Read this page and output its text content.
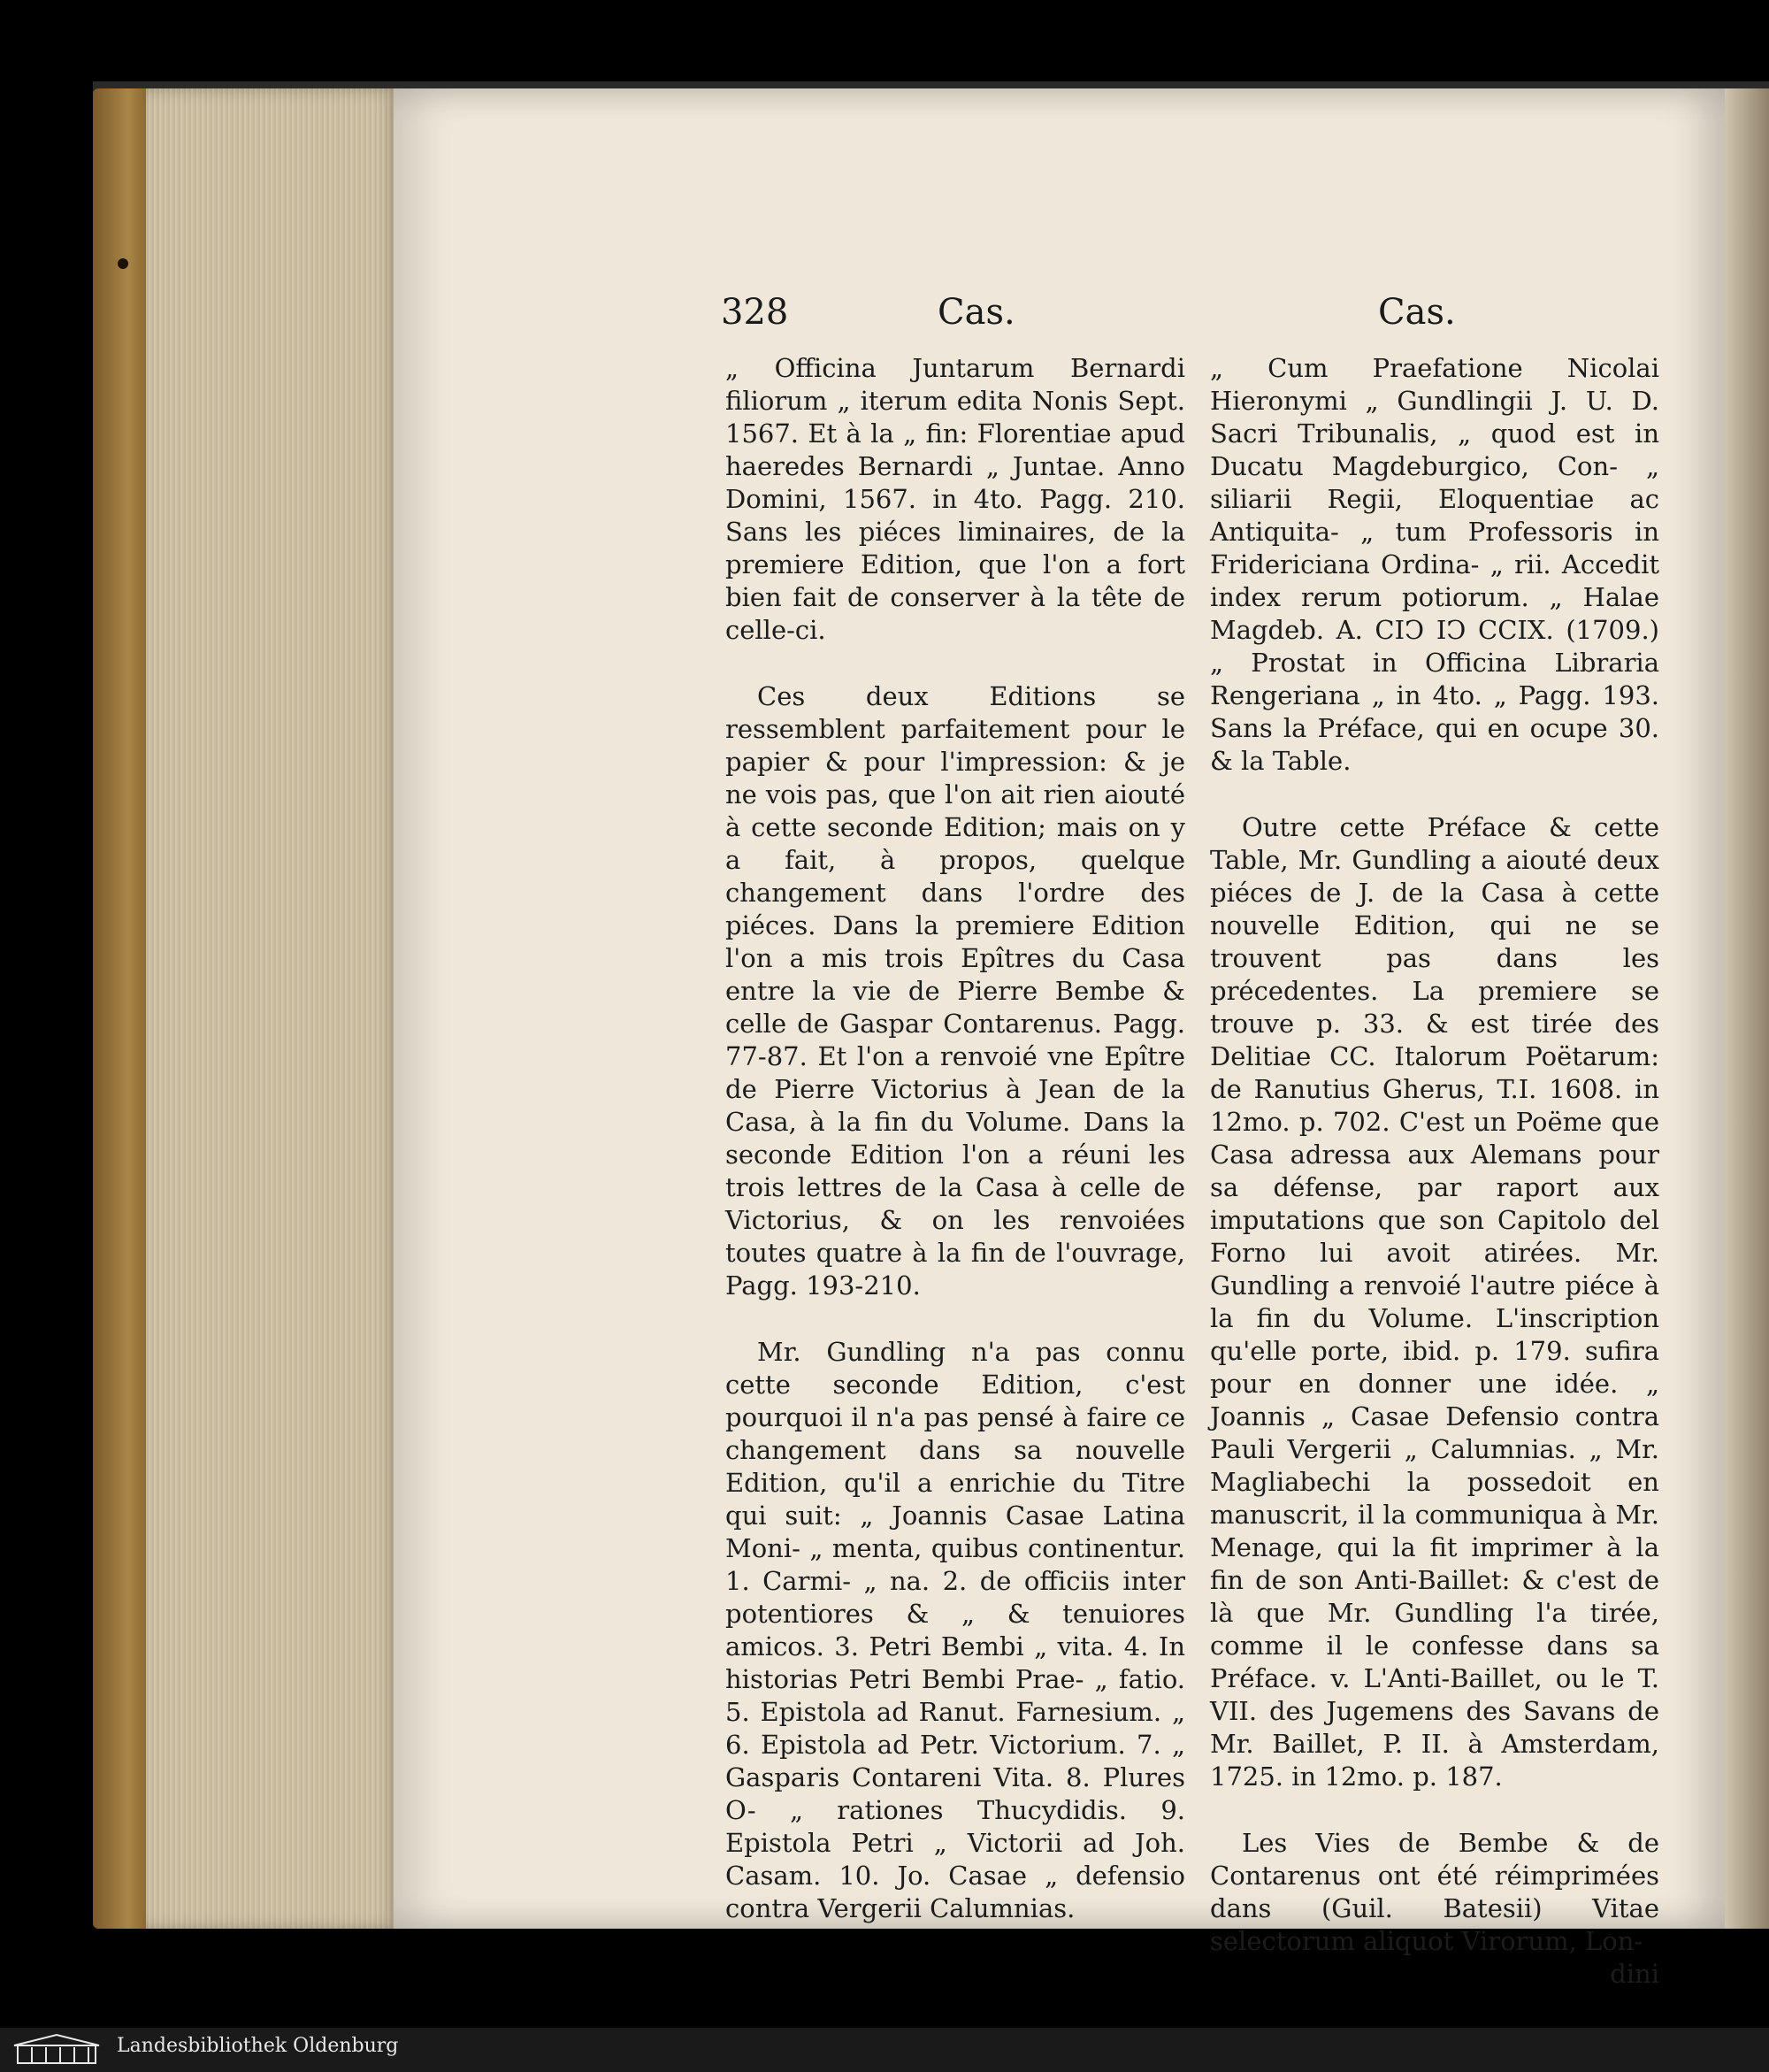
328	Cas.	Cas.

„ Officina Juntarum Bernardi filiorum „ iterum edita Nonis Sept. 1567. Et à la „ fin: Florentiae apud haeredes Bernardi „ Juntae. Anno Domini, 1567. in 4to. Pagg. 210. Sans les piéces liminaires, de la premiere Edition, que l'on a fort bien fait de conserver à la tête de celle-ci.

Ces deux Editions se ressemblent parfaitement pour le papier & pour l'impression: & je ne vois pas, que l'on ait rien aiouté à cette seconde Edition; mais on y a fait, à propos, quelque changement dans l'ordre des piéces. Dans la premiere Edition l'on a mis trois Epîtres du Casa entre la vie de Pierre Bembe & celle de Gaspar Contarenus. Pagg. 77-87. Et l'on a renvoié vne Epître de Pierre Victorius à Jean de la Casa, à la fin du Volume. Dans la seconde Edition l'on a réuni les trois lettres de la Casa à celle de Victorius, & on les renvoiées toutes quatre à la fin de l'ouvrage, Pagg. 193-210.

Mr. Gundling n'a pas connu cette seconde Edition, c'est pourquoi il n'a pas pensé à faire ce changement dans sa nouvelle Edition, qu'il a enrichie du Titre qui suit: „ Joannis Casae Latina Moni- „ menta, quibus continentur. 1. Carmi- „ na. 2. de officiis inter potentiores & „ & tenuiores amicos. 3. Petri Bembi „ vita. 4. In historias Petri Bembi Prae- „ fatio. 5. Epistola ad Ranut. Farnesium. „ 6. Epistola ad Petr. Victorium. 7. „ Gasparis Contareni Vita. 8. Plures O- „ rationes Thucydidis. 9. Epistola Petri „ Victorii ad Joh. Casam. 10. Jo. Casae „ defensio contra Vergerii Calumnias.

„ Cum Praefatione Nicolai Hieronymi „ Gundlingii J. U. D. Sacri Tribunalis, „ quod est in Ducatu Magdeburgico, Con- „ siliarii Regii, Eloquentiae ac Antiquita- „ tum Professoris in Fridericiana Ordina- „ rii. Accedit index rerum potiorum. „ Halae Magdeb. A. CIϽ IϽ CCIX. (1709.) „ Prostat in Officina Libraria Rengeriana „ in 4to. „ Pagg. 193. Sans la Préface, qui en ocupe 30. & la Table.

Outre cette Préface & cette Table, Mr. Gundling a aiouté deux piéces de J. de la Casa à cette nouvelle Edition, qui ne se trouvent pas dans les précedentes. La premiere se trouve p. 33. & est tirée des Delitiae CC. Italorum Poëtarum: de Ranutius Gherus, T.I. 1608. in 12mo. p. 702. C'est un Poëme que Casa adressa aux Alemans pour sa défense, par raport aux imputations que son Capitolo del Forno lui avoit atirées. Mr. Gundling a renvoié l'autre piéce à la fin du Volume. L'inscription qu'elle porte, ibid. p. 179. sufira pour en donner une idée. „ Joannis „ Casae Defensio contra Pauli Vergerii „ Calumnias. „ Mr. Magliabechi la possedoit en manuscrit, il la communiqua à Mr. Menage, qui la fit imprimer à la fin de son Anti-Baillet: & c'est de là que Mr. Gundling l'a tirée, comme il le confesse dans sa Préface. v. L'Anti-Baillet, ou le T. VII. des Jugemens des Savans de Mr. Baillet, P. II. à Amsterdam, 1725. in 12mo. p. 187.

Les Vies de Bembe & de Contarenus ont été réimprimées dans (Guil. Batesii) Vitae selectorum aliquot Virorum, Lon-

dini

Landesbibliothek Oldenburg
